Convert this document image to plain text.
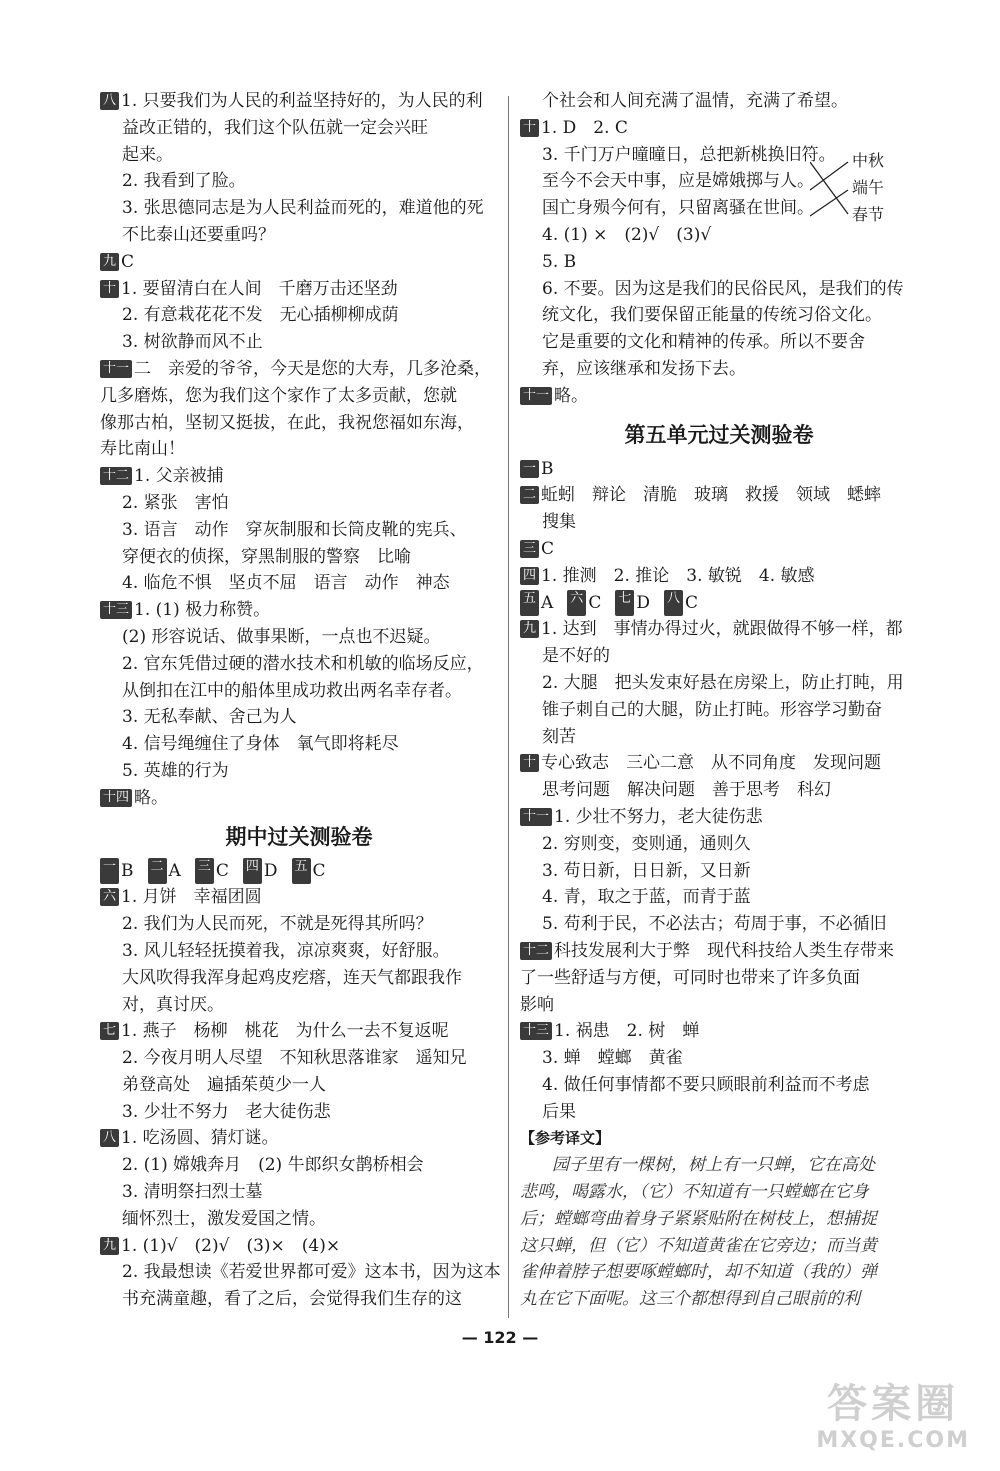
八 1. 只要我们为人民的利益坚持好的，为人民的利
益改正错的，我们这个队伍就一定会兴旺
起来。
2. 我看到了脸。
3. 张思德同志是为人民利益而死的，难道他的死
不比泰山还要重吗？
九 C
十 1. 要留清白在人间　千磨万击还坚劲
2. 有意栽花花不发　无心插柳柳成荫
3. 树欲静而风不止
十一 二　亲爱的爷爷，今天是您的大寿，几多沧桑，
几多磨炼，您为我们这个家作了太多贡献，您就
像那古柏，坚韧又挺拔，在此，我祝您福如东海，
寿比南山！
十二 1. 父亲被捕
2. 紧张　害怕
3. 语言　动作　穿灰制服和长筒皮靴的宪兵、
穿便衣的侦探，穿黑制服的警察　比喻
4. 临危不惧　坚贞不屈　语言　动作　神态
十三 1. (1) 极力称赞。
(2) 形容说话、做事果断，一点也不迟疑。
2. 官东凭借过硬的潜水技术和机敏的临场反应，
从倒扣在江中的船体里成功救出两名幸存者。
3. 无私奉献、舍己为人
4. 信号绳缠住了身体　氧气即将耗尽
5. 英雄的行为
十四 略。
期中过关测验卷
一 B 二 A 三 C 四 D 五 C
六 1. 月饼　幸福团圆
2. 我们为人民而死，不就是死得其所吗？
3. 风儿轻轻抚摸着我，凉凉爽爽，好舒服。
大风吹得我浑身起鸡皮疙瘩，连天气都跟我作
对，真讨厌。
七 1. 燕子　杨柳　桃花　为什么一去不复返呢
2. 今夜月明人尽望　不知秋思落谁家　遥知兄
弟登高处　遍插茱萸少一人
3. 少壮不努力　老大徒伤悲
八 1. 吃汤圆、猜灯谜。
2. (1) 嫦娥奔月　(2) 牛郎织女鹊桥相会
3. 清明祭扫烈士墓
缅怀烈士，激发爱国之情。
九 1. (1)√　(2)√　(3)×　(4)×
2. 我最想读《若爱世界都可爱》这本书，因为这本
书充满童趣，看了之后，会觉得我们生存的这
个社会和人间充满了温情，充满了希望。
十 1. D　2. C
3. 千门万户曈曈日，总把新桃换旧符。
至今不会天中事，应是嫦娥掷与人。
国亡身殒今何有，只留离骚在世间。
4. (1) ×　(2)√　(3)√
5. B
6. 不要。因为这是我们的民俗民风，是我们的传
统文化，我们要保留正能量的传统习俗文化。
它是重要的文化和精神的传承。所以不要舍
弃，应该继承和发扬下去。
十一 略。
中秋
端午
春节
第五单元过关测验卷
一 B
二 蚯蚓　辩论　清脆　玻璃　救援　领域　蟋蟀
搜集
三 C
四 1. 推测　2. 推论　3. 敏锐　4. 敏感
五 A 六 C 七 D 八 C
九 1. 达到　事情办得过火，就跟做得不够一样，都
是不好的
2. 大腿　把头发束好悬在房梁上，防止打盹，用
锥子刺自己的大腿，防止打盹。形容学习勤奋
刻苦
十 专心致志　三心二意　从不同角度　发现问题
思考问题　解决问题　善于思考　科幻
十一 1. 少壮不努力，老大徒伤悲
2. 穷则变，变则通，通则久
3. 苟日新，日日新，又日新
4. 青，取之于蓝，而青于蓝
5. 苟利于民，不必法古；苟周于事，不必循旧
十二 科技发展利大于弊　现代科技给人类生存带来
了一些舒适与方便，可同时也带来了许多负面
影响
十三 1. 祸患　2. 树　蝉
3. 蝉　螳螂　黄雀
4. 做任何事情都不要只顾眼前利益而不考虑
后果
【参考译文】
园子里有一棵树，树上有一只蝉，它在高处
悲鸣，喝露水，（它）不知道有一只螳螂在它身
后；螳螂弯曲着身子紧紧贴附在树枝上，想捕捉
这只蝉，但（它）不知道黄雀在它旁边；而当黄
雀伸着脖子想要啄螳螂时，却不知道（我的）弹
丸在它下面呢。这三个都想得到自己眼前的利
— 122 —
答案圈
MXQE.COM
